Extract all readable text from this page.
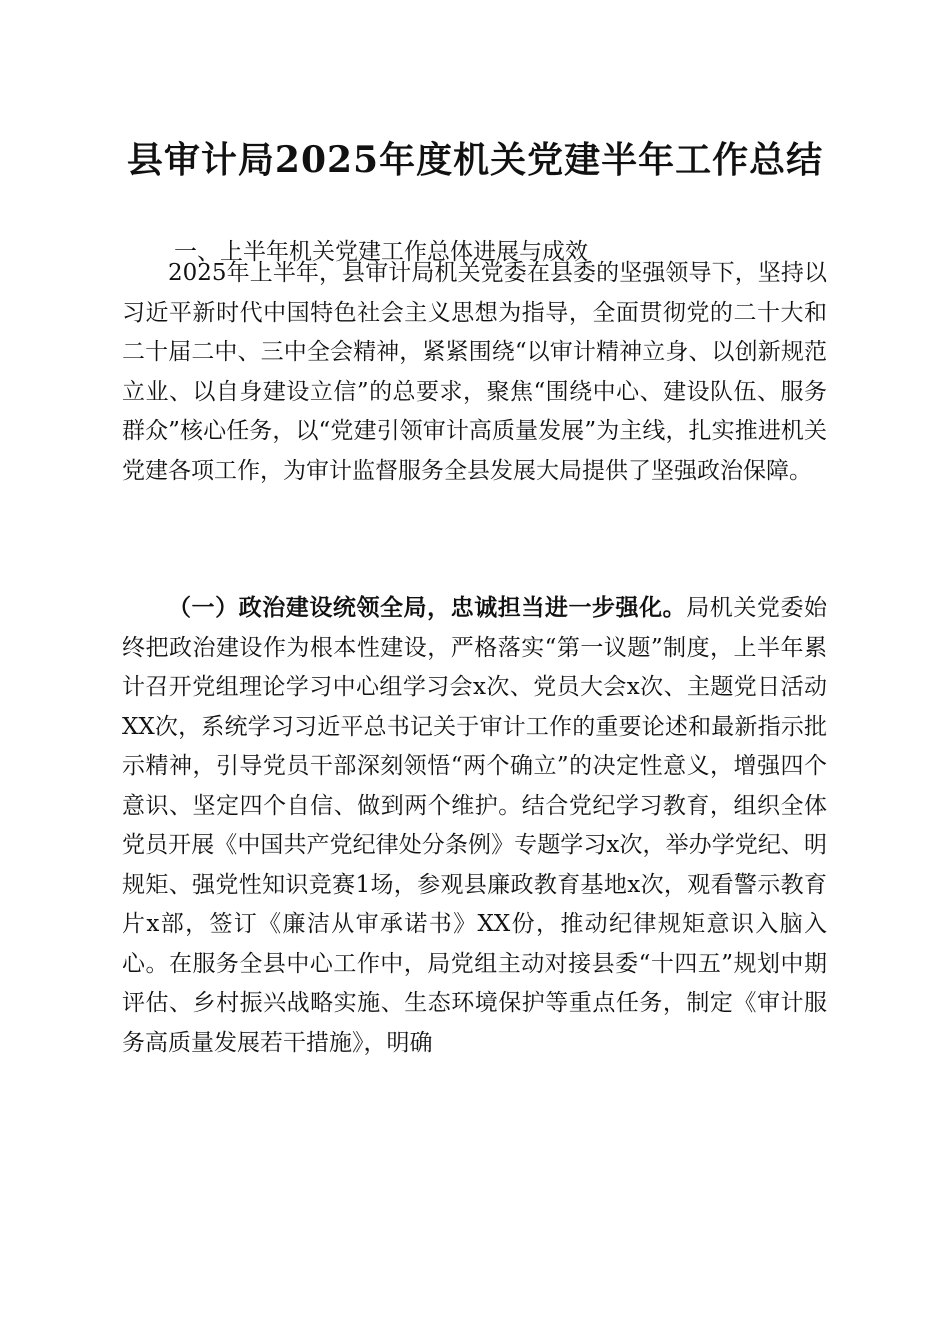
县审计局2025年度机关党建半年工作总结
一、上半年机关党建工作总体进展与成效

2025年上半年，县审计局机关党委在县委的坚强领导下，坚持以习近平新时代中国特色社会主义思想为指导，全面贯彻党的二十大和二十届二中、三中全会精神，紧紧围绕“以审计精神立身、以创新规范立业、以自身建设立信”的总要求，聚焦“围绕中心、建设队伍、服务群众”核心任务，以“党建引领审计高质量发展”为主线，扎实推进机关党建各项工作，为审计监督服务全县发展大局提供了坚强政治保障。

（一）政治建设统领全局，忠诚担当进一步强化。局机关党委始终把政治建设作为根本性建设，严格落实“第一议题”制度，上半年累计召开党组理论学习中心组学习会x次、党员大会x次、主题党日活动XX次，系统学习习近平总书记关于审计工作的重要论述和最新指示批示精神，引导党员干部深刻领悟“两个确立”的决定性意义，增强四个意识、坚定四个自信、做到两个维护。结合党纪学习教育，组织全体党员开展《中国共产党纪律处分条例》专题学习x次，举办学党纪、明规矩、强党性知识竞赛1场，参观县廉政教育基地x次，观看警示教育片x部，签订《廉洁从审承诺书》XX份，推动纪律规矩意识入脑入心。在服务全县中心工作中，局党组主动对接县委“十四五”规划中期评估、乡村振兴战略实施、生态环境保护等重点任务，制定《审计服务高质量发展若干措施》，明确
